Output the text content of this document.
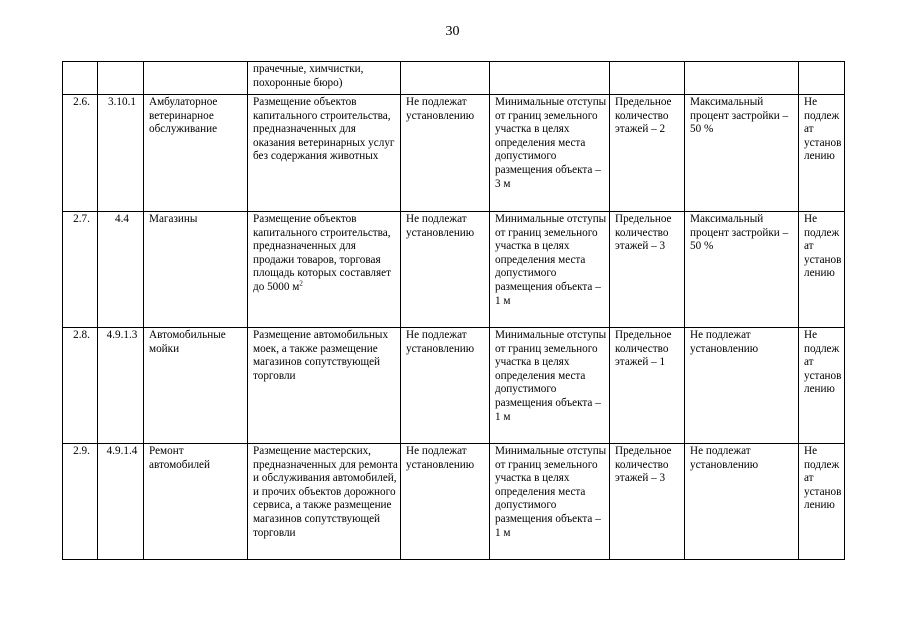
30
			прачечные, химчистки, похоронные бюро)					
2.6.	3.10.1	Амбулаторное ветеринарное обслуживание	Размещение объектов капитального строительства, предназначенных для оказания ветеринарных услуг без содержания животных	Не подлежат установлению	Минимальные отступы от границ земельного участка в целях определения места допустимого размещения объекта – 3 м	Предельное количество этажей – 2	Максимальный процент застройки – 50 %	Не подлежат установлению
2.7.	4.4	Магазины	Размещение объектов капитального строительства, предназначенных для продажи товаров, торговая площадь которых составляет до 5000 $м^2$	Не подлежат установлению	Минимальные отступы от границ земельного участка в целях определения места допустимого размещения объекта – 1 м	Предельное количество этажей – 3	Максимальный процент застройки – 50 %	Не подлежат установлению
2.8.	4.9.1.3	Автомобильные мойки	Размещение автомобильных моек, а также размещение магазинов сопутствующей торговли	Не подлежат установлению	Минимальные отступы от границ земельного участка в целях определения места допустимого размещения объекта – 1 м	Предельное количество этажей – 1	Не подлежат установлению	Не подлежат установлению
2.9.	4.9.1.4	Ремонт автомобилей	Размещение мастерских, предназначенных для ремонта и обслуживания автомобилей, и прочих объектов дорожного сервиса, а также размещение магазинов сопутствующей торговли	Не подлежат установлению	Минимальные отступы от границ земельного участка в целях определения места допустимого размещения объекта – 1 м	Предельное количество этажей – 3	Не подлежат установлению	Не подлежат установлению
